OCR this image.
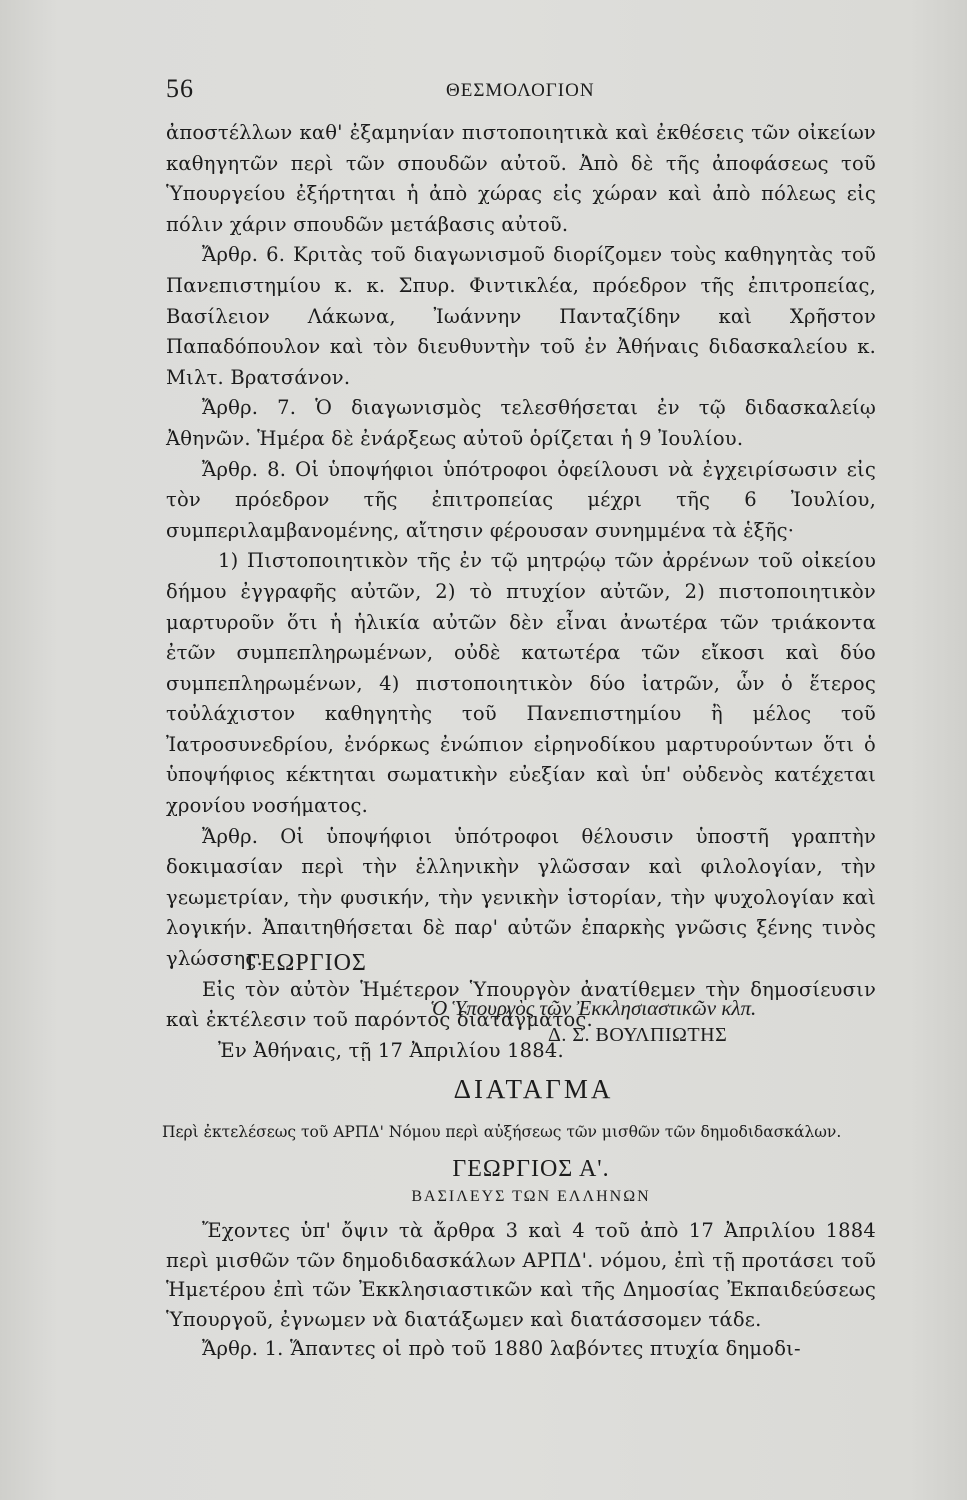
56	ΘΕΣΜΟΛΟΓΙΟΝ

ἀποστέλλων καθ' ἐξαμηνίαν πιστοποιητικὰ καὶ ἐκθέσεις τῶν οἰκείων καθηγητῶν περὶ τῶν σπουδῶν αὐτοῦ. Ἀπὸ δὲ τῆς ἀποφάσεως τοῦ Ὑπουργείου ἐξήρτηται ἡ ἀπὸ χώρας εἰς χώραν καὶ ἀπὸ πόλεως εἰς πόλιν χάριν σπουδῶν μετάβασις αὐτοῦ.

Ἄρθρ. 6. Κριτὰς τοῦ διαγωνισμοῦ διορίζομεν τοὺς καθηγητὰς τοῦ Πανεπιστημίου κ. κ. Σπυρ. Φιντικλέα, πρόεδρον τῆς ἐπιτροπείας, Βασίλειον Λάκωνα, Ἰωάννην Πανταζίδην καὶ Χρῆστον Παπαδόπουλον καὶ τὸν διευθυντὴν τοῦ ἐν Ἀθήναις διδασκαλείου κ. Μιλτ. Βρατσάνον.

Ἄρθρ. 7. Ὁ διαγωνισμὸς τελεσθήσεται ἐν τῷ διδασκαλείῳ Ἀθηνῶν. Ἡμέρα δὲ ἐνάρξεως αὐτοῦ ὁρίζεται ἡ 9 Ἰουλίου.

Ἄρθρ. 8. Οἱ ὑποψήφιοι ὑπότροφοι ὀφείλουσι νὰ ἐγχειρίσωσιν εἰς τὸν πρόεδρον τῆς ἐπιτροπείας μέχρι τῆς 6 Ἰουλίου, συμπεριλαμβανομένης, αἴτησιν φέρουσαν συνημμένα τὰ ἑξῆς·

1) Πιστοποιητικὸν τῆς ἐν τῷ μητρῴῳ τῶν ἀρρένων τοῦ οἰκείου δήμου ἐγγραφῆς αὐτῶν, 2) τὸ πτυχίον αὐτῶν, 2) πιστοποιητικὸν μαρτυροῦν ὅτι ἡ ἡλικία αὐτῶν δὲν εἶναι ἀνωτέρα τῶν τριάκοντα ἐτῶν συμπεπληρωμένων, οὐδὲ κατωτέρα τῶν εἴκοσι καὶ δύο συμπεπληρωμένων, 4) πιστοποιητικὸν δύο ἰατρῶν, ὧν ὁ ἕτερος τοὐλάχιστον καθηγητὴς τοῦ Πανεπιστημίου ἢ μέλος τοῦ Ἰατροσυνεδρίου, ἐνόρκως ἐνώπιον εἰρηνοδίκου μαρτυρούντων ὅτι ὁ ὑποψήφιος κέκτηται σωματικὴν εὐεξίαν καὶ ὑπ' οὐδενὸς κατέχεται χρονίου νοσήματος.

Ἄρθρ. Οἱ ὑποψήφιοι ὑπότροφοι θέλουσιν ὑποστῆ γραπτὴν δοκιμασίαν περὶ τὴν ἑλληνικὴν γλῶσσαν καὶ φιλολογίαν, τὴν γεωμετρίαν, τὴν φυσικήν, τὴν γενικὴν ἱστορίαν, τὴν ψυχολογίαν καὶ λογικήν. Ἀπαιτηθήσεται δὲ παρ' αὐτῶν ἐπαρκὴς γνῶσις ξένης τινὸς γλώσσης.

Εἰς τὸν αὐτὸν Ἡμέτερον Ὑπουργὸν ἀνατίθεμεν τὴν δημοσίευσιν καὶ ἐκτέλεσιν τοῦ παρόντος διατάγματος.

Ἐν Ἀθήναις, τῇ 17 Ἀπριλίου 1884.

ΓΕΩΡΓΙΟΣ
Ὁ Ὑπουργὸς τῶν Ἐκκλησιαστικῶν κλπ.
Δ. Σ. ΒΟΥΛΠΙΩΤΗΣ
ΔΙΑΤΑΓΜΑ
Περὶ ἐκτελέσεως τοῦ ΑΡΠΔ' Νόμου περὶ αὐξήσεως τῶν μισθῶν τῶν δημοδιδασκάλων.
ΓΕΩΡΓΙΟΣ Α'.
ΒΑΣΙΛΕΥΣ ΤΩΝ ΕΛΛΗΝΩΝ

Ἔχοντες ὑπ' ὄψιν τὰ ἄρθρα 3 καὶ 4 τοῦ ἀπὸ 17 Ἀπριλίου 1884 περὶ μισθῶν τῶν δημοδιδασκάλων ΑΡΠΔ'. νόμου, ἐπὶ τῇ προτάσει τοῦ Ἡμετέρου ἐπὶ τῶν Ἐκκλησιαστικῶν καὶ τῆς Δημοσίας Ἐκπαιδεύσεως Ὑπουργοῦ, ἐγνωμεν νὰ διατάξωμεν καὶ διατάσσομεν τάδε.

Ἄρθρ. 1. Ἅπαντες οἱ πρὸ τοῦ 1880 λαβόντες πτυχία δημοδι-
